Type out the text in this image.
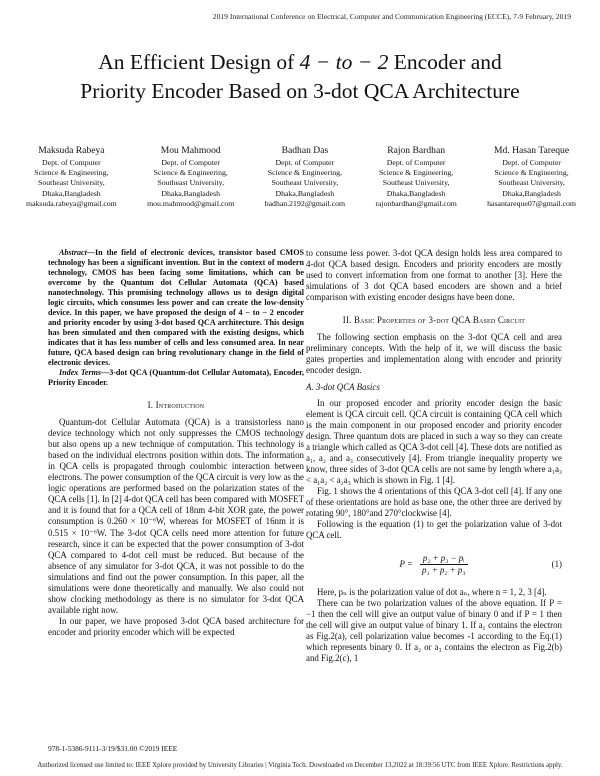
2019 International Conference on Electrical, Computer and Communication Engineering (ECCE), 7-9 February, 2019
An Efficient Design of 4 − to − 2 Encoder and
Priority Encoder Based on 3-dot QCA Architecture
Maksuda Rabeya
Dept. of Computer
Science & Engineering,
Southeast University,
Dhaka,Bangladesh
maksuda.rabeya@gmail.com
Mou Mahmood
Dept. of Computer
Science & Engineering,
Southeast University,
Dhaka,Bangladesh
mou.mahmood@gmail.com
Badhan Das
Dept. of Computer
Science & Engineering,
Southeast University,
Dhaka,Bangladesh
badhan.2192@gmail.com
Rajon Bardhan
Dept. of Computer
Science & Engineering,
Southeast University,
Dhaka,Bangladesh
rajonbardhan@gmail.com
Md. Hasan Tareque
Dept. of Computer
Science & Engineering,
Southeast University,
Dhaka,Bangladesh
hasantareque07@gmail.com

Abstract—In the field of electronic devices, transistor based CMOS technology has been a significant invention. But in the context of modern technology, CMOS has been facing some limitations, which can be overcome by the Quantum dot Cellular Automata (QCA) based nanotechnology. This promising technology allows us to design digital logic circuits, which consumes less power and can create the low-density device. In this paper, we have proposed the design of 4 − to − 2 encoder and priority encoder by using 3-dot based QCA architecture. This design has been simulated and then compared with the existing designs, which indicates that it has less number of cells and less consumed area. In near future, QCA based design can bring revolutionary change in the field of electronic devices.

Index Terms—3-dot QCA (Quantum-dot Cellular Automata), Encoder, Priority Encoder.

I. Introduction

Quantum-dot Cellular Automata (QCA) is a transistorless nano device technology which not only suppresses the CMOS technology but also opens up a new technique of computation. This technology is based on the individual electrons position within dots. The information in QCA cells is propagated through coulombic interaction between electrons. The power consumption of the QCA circuit is very low as the logic operations are performed based on the polarization states of the QCA cells [1]. In [2] 4-dot QCA cell has been compared with MOSFET and it is found that for a QCA cell of 18nm 4-bit XOR gate, the power consumption is 0.260 × 10⁻⁶W, whereas for MOSFET of 16nm it is 0.515 × 10⁻⁶W. The 3-dot QCA cells need more attention for future research, since it can be expected that the power consumption of 3-dot QCA compared to 4-dot cell must be reduced. But because of the absence of any simulator for 3-dot QCA, it was not possible to do the simulations and find out the power consumption. In this paper, all the simulations were done theoretically and manually. We also could not show clocking methodology as there is no simulator for 3-dot QCA available right now.

In our paper, we have proposed 3-dot QCA based architecture for encoder and priority encoder which will be expected

to consume less power. 3-dot QCA design holds less area compared to 4-dot QCA based design. Encoders and priority encoders are mostly used to convert information from one format to another [3]. Here the simulations of 3 dot QCA based encoders are shown and a brief comparison with existing encoder designs have been done.

II. Basic Properties of 3-dot QCA Based Circuit

The following section emphasis on the 3-dot QCA cell and area preliminary concepts. With the help of it, we will discuss the basic gates properties and implementation along with encoder and priority encoder design.

A. 3-dot QCA Basics

In our proposed encoder and priority encoder design the basic element is QCA circuit cell. QCA circuit is containing QCA cell which is the main component in our proposed encoder and priority encoder design. Three quantum dots are placed in such a way so they can create a triangle which called as QCA 3-dot cell [4]. These dots are notified as a₁, a₂ and a₃ consecutively [4]. From triangle inequality property we know, three sides of 3-dot QCA cells are not same by length where a₁a₃ < a₁a₂ < a₂a₃ which is shown in Fig. 1 [4].

Fig. 1 shows the 4 orientations of this QCA 3-dot cell [4]. If any one of these orientations are hold as base one, the other three are derived by rotating 90°, 180°and 270°clockwise [4].

Following is the equation (1) to get the polarization value of 3-dot QCA cell.

$P = \frac{\text{p₂ + p₃ − pᵢ}}{\text{p₁ + p₂ + p₃}}$	(1)

Here, pₙ is the polarization value of dot aₙ, where n = 1, 2, 3 [4].

There can be two polarization values of the above equation. If P = −1 then the cell will give an output value of binary 0 and if P = 1 then the cell will give an output value of binary 1. If a₁ contains the electron as Fig.2(a), cell polarization value becomes -1 according to the Eq.(1) which represents binary 0. If a₂ or a₃ contains the electron as Fig.2(b) and Fig.2(c), 1

978-1-5386-9111-3/19/$31.00 ©2019 IEEE
Authorized licensed use limited to: IEEE Xplore provided by University Libraries | Virginia Tech. Downloaded on December 13,2022 at 18:39:56 UTC from IEEE Xplore. Restrictions apply.
